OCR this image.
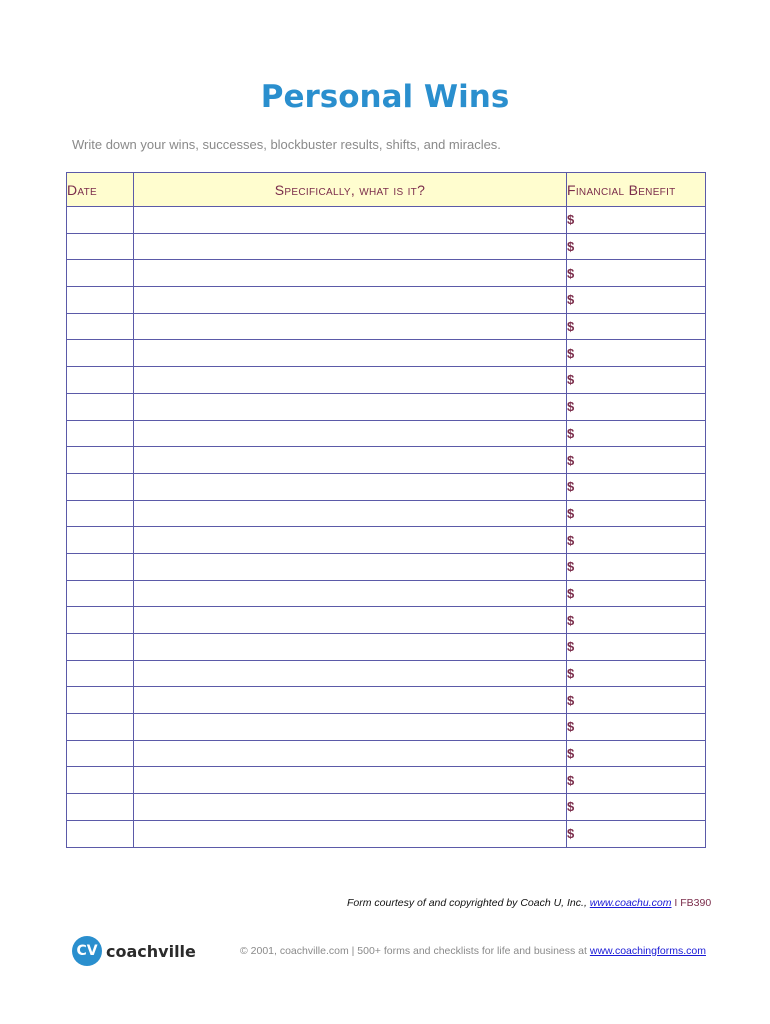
Personal Wins
Write down your wins, successes, blockbuster results, shifts, and miracles.
Date	Specifically, what is it?	Financial Benefit
		$
		$
		$
		$
		$
		$
		$
		$
		$
		$
		$
		$
		$
		$
		$
		$
		$
		$
		$
		$
		$
		$
		$
		$
Form courtesy of and copyrighted by Coach U, Inc., www.coachu.com I FB390
CV coachville	© 2001, coachville.com | 500+ forms and checklists for life and business at www.coachingforms.com
